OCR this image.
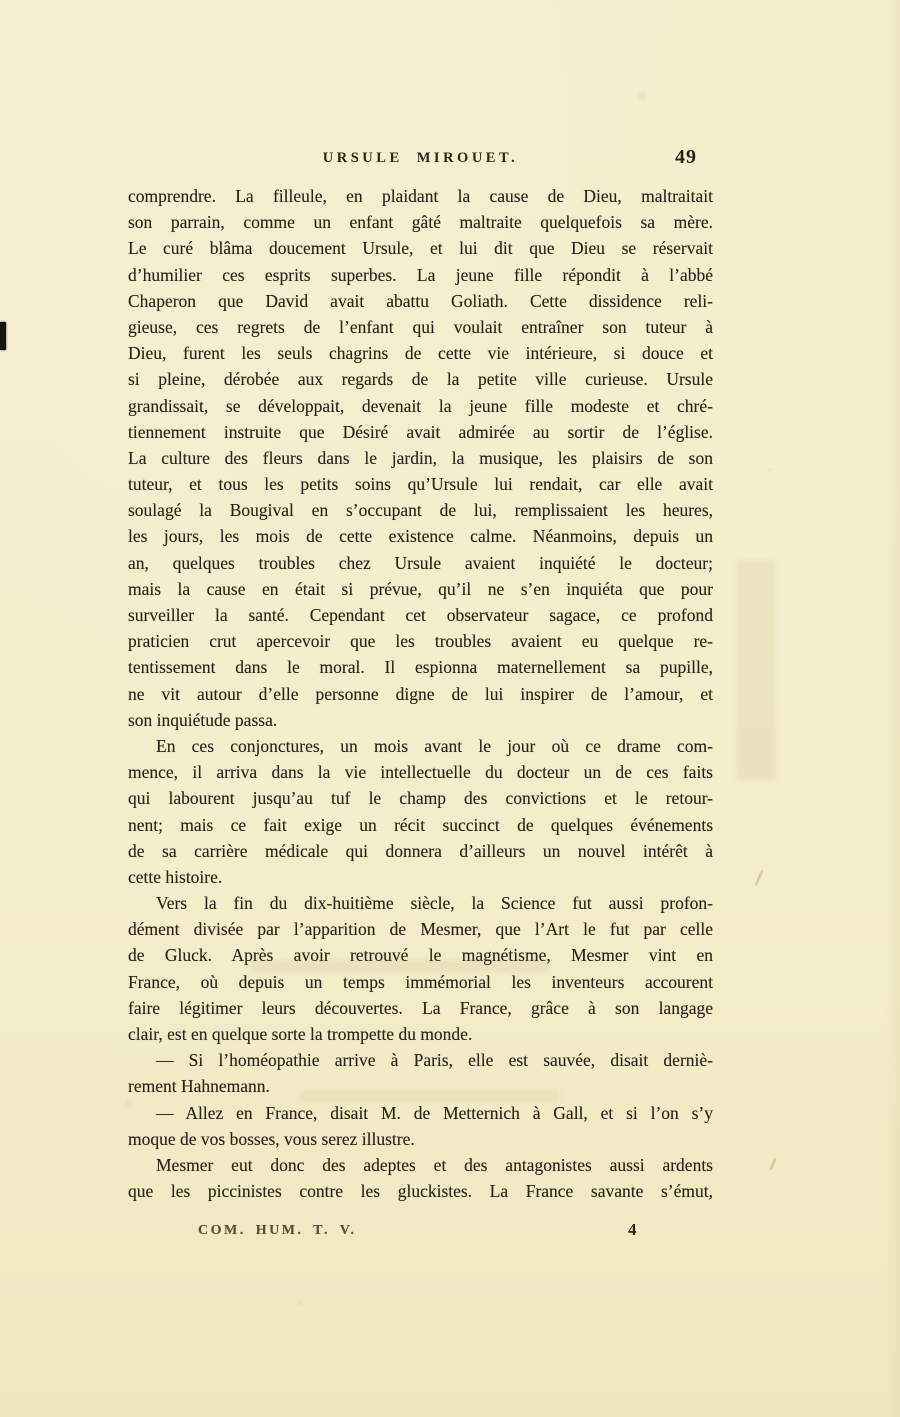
URSULE MIROUET.	49
comprendre. La filleule, en plaidant la cause de Dieu, maltraitait
son parrain, comme un enfant gâté maltraite quelquefois sa mère.
Le curé blâma doucement Ursule, et lui dit que Dieu se réservait
d’humilier ces esprits superbes. La jeune fille répondit à l’abbé
Chaperon que David avait abattu Goliath. Cette dissidence reli-
gieuse, ces regrets de l’enfant qui voulait entraîner son tuteur à
Dieu, furent les seuls chagrins de cette vie intérieure, si douce et
si pleine, dérobée aux regards de la petite ville curieuse. Ursule
grandissait, se développait, devenait la jeune fille modeste et chré-
tiennement instruite que Désiré avait admirée au sortir de l’église.
La culture des fleurs dans le jardin, la musique, les plaisirs de son
tuteur, et tous les petits soins qu’Ursule lui rendait, car elle avait
soulagé la Bougival en s’occupant de lui, remplissaient les heures,
les jours, les mois de cette existence calme. Néanmoins, depuis un
an, quelques troubles chez Ursule avaient inquiété le docteur;
mais la cause en était si prévue, qu’il ne s’en inquiéta que pour
surveiller la santé. Cependant cet observateur sagace, ce profond
praticien crut apercevoir que les troubles avaient eu quelque re-
tentissement dans le moral. Il espionna maternellement sa pupille,
ne vit autour d’elle personne digne de lui inspirer de l’amour, et
son inquiétude passa.
En ces conjonctures, un mois avant le jour où ce drame com-
mence, il arriva dans la vie intellectuelle du docteur un de ces faits
qui labourent jusqu’au tuf le champ des convictions et le retour-
nent; mais ce fait exige un récit succinct de quelques événements
de sa carrière médicale qui donnera d’ailleurs un nouvel intérêt à
cette histoire.
Vers la fin du dix-huitième siècle, la Science fut aussi profon-
dément divisée par l’apparition de Mesmer, que l’Art le fut par celle
de Gluck. Après avoir retrouvé le magnétisme, Mesmer vint en
France, où depuis un temps immémorial les inventeurs accourent
faire légitimer leurs découvertes. La France, grâce à son langage
clair, est en quelque sorte la trompette du monde.
— Si l’homéopathie arrive à Paris, elle est sauvée, disait derniè-
rement Hahnemann.
— Allez en France, disait M. de Metternich à Gall, et si l’on s’y
moque de vos bosses, vous serez illustre.
Mesmer eut donc des adeptes et des antagonistes aussi ardents
que les piccinistes contre les gluckistes. La France savante s’émut,
COM. HUM. T. V.	4
